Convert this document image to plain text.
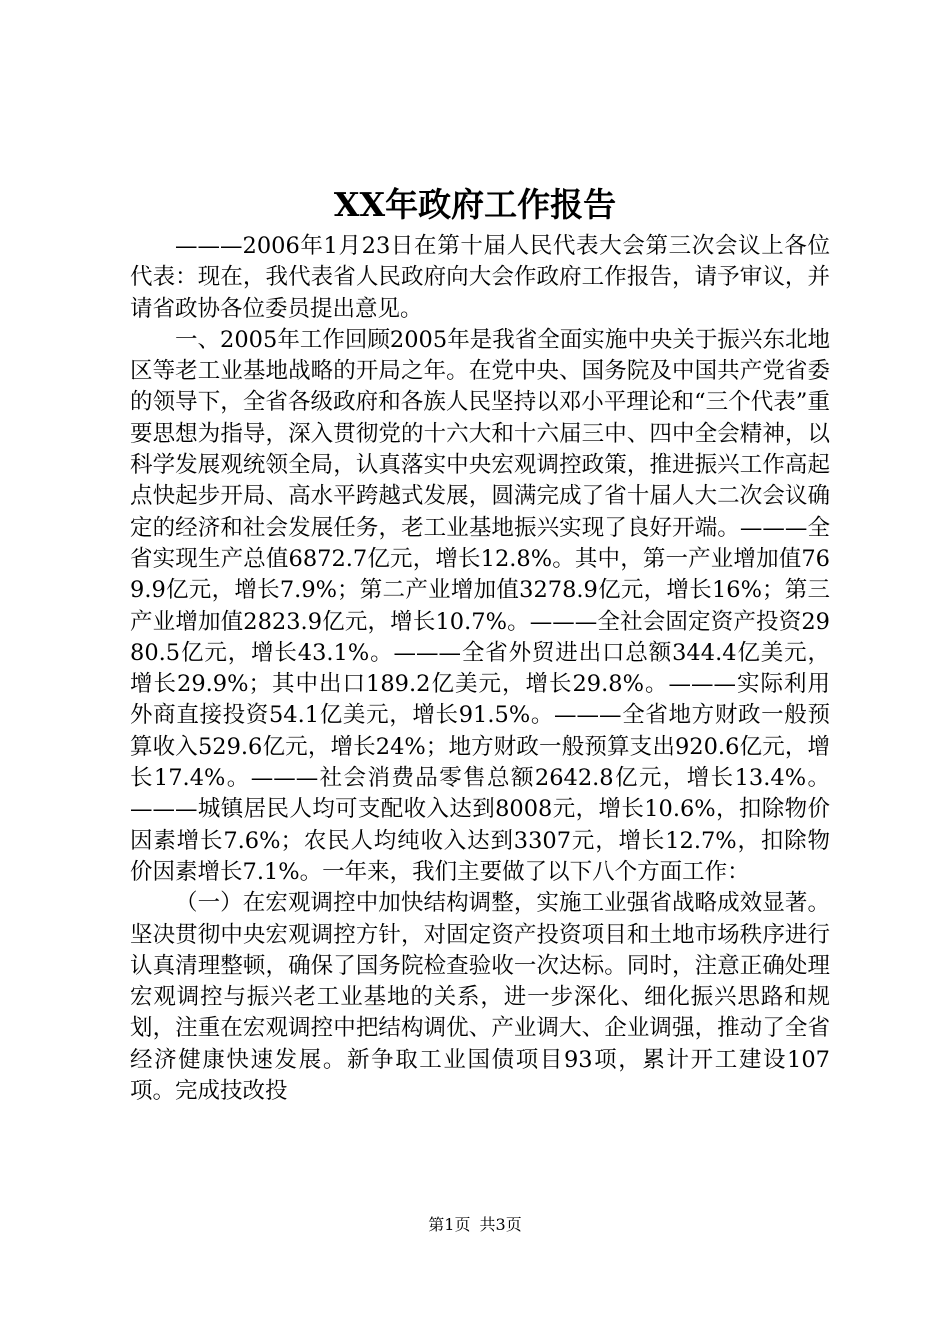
XX年政府工作报告

———2006年1月23日在第十届人民代表大会第三次会议上各位代表：现在，我代表省人民政府向大会作政府工作报告，请予审议，并请省政协各位委员提出意见。

一、2005年工作回顾2005年是我省全面实施中央关于振兴东北地区等老工业基地战略的开局之年。在党中央、国务院及中国共产党省委的领导下，全省各级政府和各族人民坚持以邓小平理论和“三个代表”重要思想为指导，深入贯彻党的十六大和十六届三中、四中全会精神，以科学发展观统领全局，认真落实中央宏观调控政策，推进振兴工作高起点快起步开局、高水平跨越式发展，圆满完成了省十届人大二次会议确定的经济和社会发展任务，老工业基地振兴实现了良好开端。———全省实现生产总值6872.7亿元，增长12.8%。其中，第一产业增加值769.9亿元，增长7.9%；第二产业增加值3278.9亿元，增长16%；第三产业增加值2823.9亿元，增长10.7%。———全社会固定资产投资2980.5亿元，增长43.1%。———全省外贸进出口总额344.4亿美元，增长29.9%；其中出口189.2亿美元，增长29.8%。———实际利用外商直接投资54.1亿美元，增长91.5%。———全省地方财政一般预算收入529.6亿元，增长24%；地方财政一般预算支出920.6亿元，增长17.4%。———社会消费品零售总额2642.8亿元，增长13.4%。———城镇居民人均可支配收入达到8008元，增长10.6%，扣除物价因素增长7.6%；农民人均纯收入达到3307元，增长12.7%，扣除物价因素增长7.1%。一年来，我们主要做了以下八个方面工作：

（一）在宏观调控中加快结构调整，实施工业强省战略成效显著。坚决贯彻中央宏观调控方针，对固定资产投资项目和土地市场秩序进行认真清理整顿，确保了国务院检查验收一次达标。同时，注意正确处理宏观调控与振兴老工业基地的关系，进一步深化、细化振兴思路和规划，注重在宏观调控中把结构调优、产业调大、企业调强，推动了全省经济健康快速发展。新争取工业国债项目93项，累计开工建设107项。完成技改投

第1页 共3页
